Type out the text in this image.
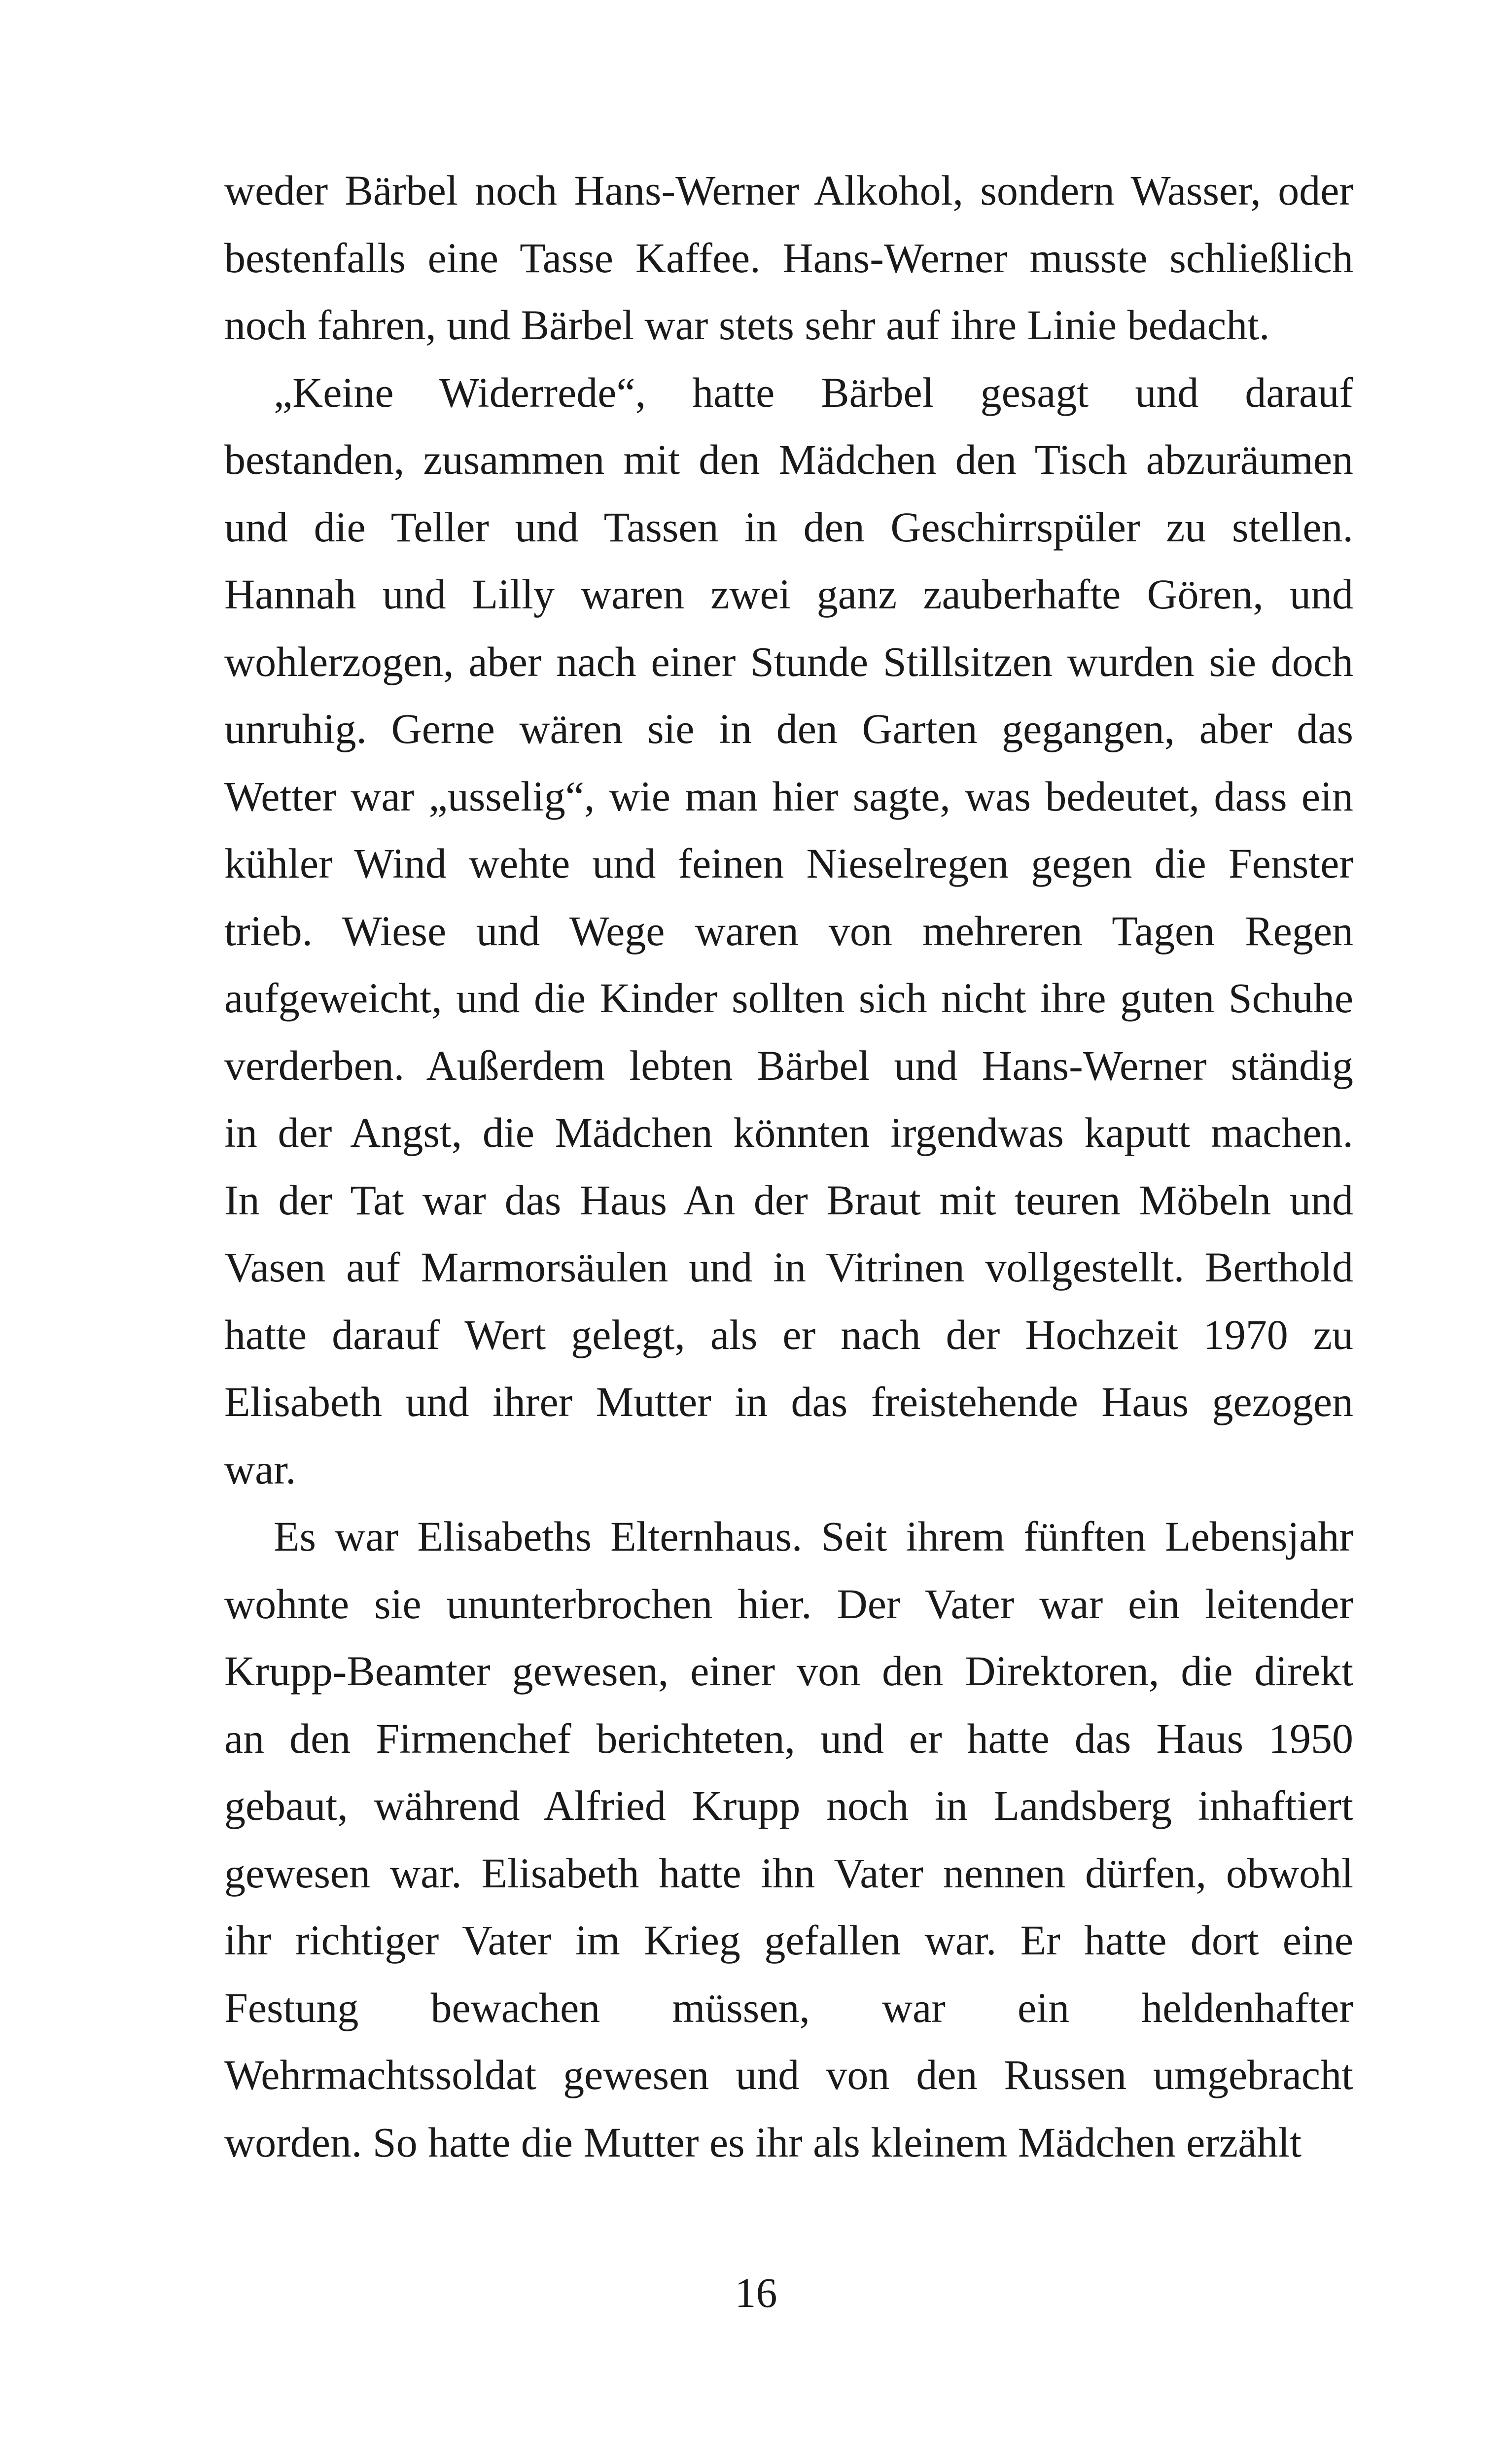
weder Bärbel noch Hans-Werner Alkohol, sondern Wasser, oder
bestenfalls eine Tasse Kaffee. Hans-Werner musste schließlich
noch fahren, und Bärbel war stets sehr auf ihre Linie bedacht.
„Keine Widerrede“, hatte Bärbel gesagt und darauf
bestanden, zusammen mit den Mädchen den Tisch abzuräumen
und die Teller und Tassen in den Geschirrspüler zu stellen.
Hannah und Lilly waren zwei ganz zauberhafte Gören, und
wohlerzogen, aber nach einer Stunde Stillsitzen wurden sie doch
unruhig. Gerne wären sie in den Garten gegangen, aber das
Wetter war „usselig“, wie man hier sagte, was bedeutet, dass ein
kühler Wind wehte und feinen Nieselregen gegen die Fenster
trieb. Wiese und Wege waren von mehreren Tagen Regen
aufgeweicht, und die Kinder sollten sich nicht ihre guten Schuhe
verderben. Außerdem lebten Bärbel und Hans-Werner ständig
in der Angst, die Mädchen könnten irgendwas kaputt machen.
In der Tat war das Haus An der Braut mit teuren Möbeln und
Vasen auf Marmorsäulen und in Vitrinen vollgestellt. Berthold
hatte darauf Wert gelegt, als er nach der Hochzeit 1970 zu
Elisabeth und ihrer Mutter in das freistehende Haus gezogen
war.
Es war Elisabeths Elternhaus. Seit ihrem fünften Lebensjahr
wohnte sie ununterbrochen hier. Der Vater war ein leitender
Krupp-Beamter gewesen, einer von den Direktoren, die direkt
an den Firmenchef berichteten, und er hatte das Haus 1950
gebaut, während Alfried Krupp noch in Landsberg inhaftiert
gewesen war. Elisabeth hatte ihn Vater nennen dürfen, obwohl
ihr richtiger Vater im Krieg gefallen war. Er hatte dort eine
Festung bewachen müssen, war ein heldenhafter
Wehrmachtssoldat gewesen und von den Russen umgebracht
worden. So hatte die Mutter es ihr als kleinem Mädchen erzählt
16
